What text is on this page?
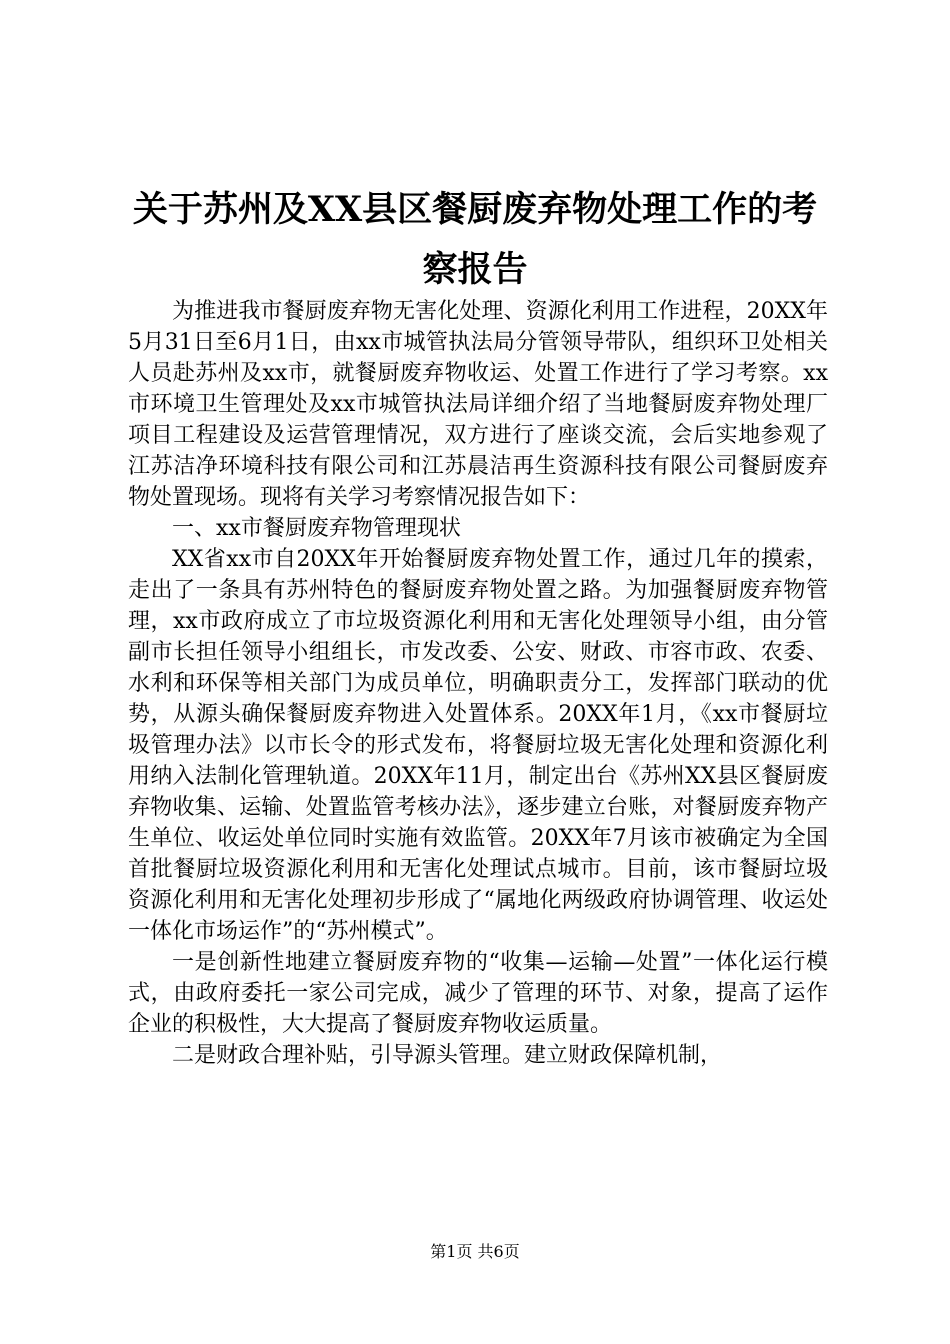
关于苏州及XX县区餐厨废弃物处理工作的考
察报告

为推进我市餐厨废弃物无害化处理、资源化利用工作进程，20XX年5月31日至6月1日，由xx市城管执法局分管领导带队，组织环卫处相关人员赴苏州及xx市，就餐厨废弃物收运、处置工作进行了学习考察。xx市环境卫生管理处及xx市城管执法局详细介绍了当地餐厨废弃物处理厂项目工程建设及运营管理情况，双方进行了座谈交流，会后实地参观了江苏洁净环境科技有限公司和江苏晨洁再生资源科技有限公司餐厨废弃物处置现场。现将有关学习考察情况报告如下：

一、xx市餐厨废弃物管理现状

XX省xx市自20XX年开始餐厨废弃物处置工作，通过几年的摸索，走出了一条具有苏州特色的餐厨废弃物处置之路。为加强餐厨废弃物管理，xx市政府成立了市垃圾资源化利用和无害化处理领导小组，由分管副市长担任领导小组组长，市发改委、公安、财政、市容市政、农委、水利和环保等相关部门为成员单位，明确职责分工，发挥部门联动的优势，从源头确保餐厨废弃物进入处置体系。20XX年1月，《xx市餐厨垃圾管理办法》以市长令的形式发布，将餐厨垃圾无害化处理和资源化利用纳入法制化管理轨道。20XX年11月，制定出台《苏州XX县区餐厨废弃物收集、运输、处置监管考核办法》，逐步建立台账，对餐厨废弃物产生单位、收运处单位同时实施有效监管。20XX年7月该市被确定为全国首批餐厨垃圾资源化利用和无害化处理试点城市。目前，该市餐厨垃圾资源化利用和无害化处理初步形成了“属地化两级政府协调管理、收运处一体化市场运作”的“苏州模式”。

一是创新性地建立餐厨废弃物的“收集—运输—处置”一体化运行模式，由政府委托一家公司完成，减少了管理的环节、对象，提高了运作企业的积极性，大大提高了餐厨废弃物收运质量。

二是财政合理补贴，引导源头管理。建立财政保障机制，

第1页 共6页
